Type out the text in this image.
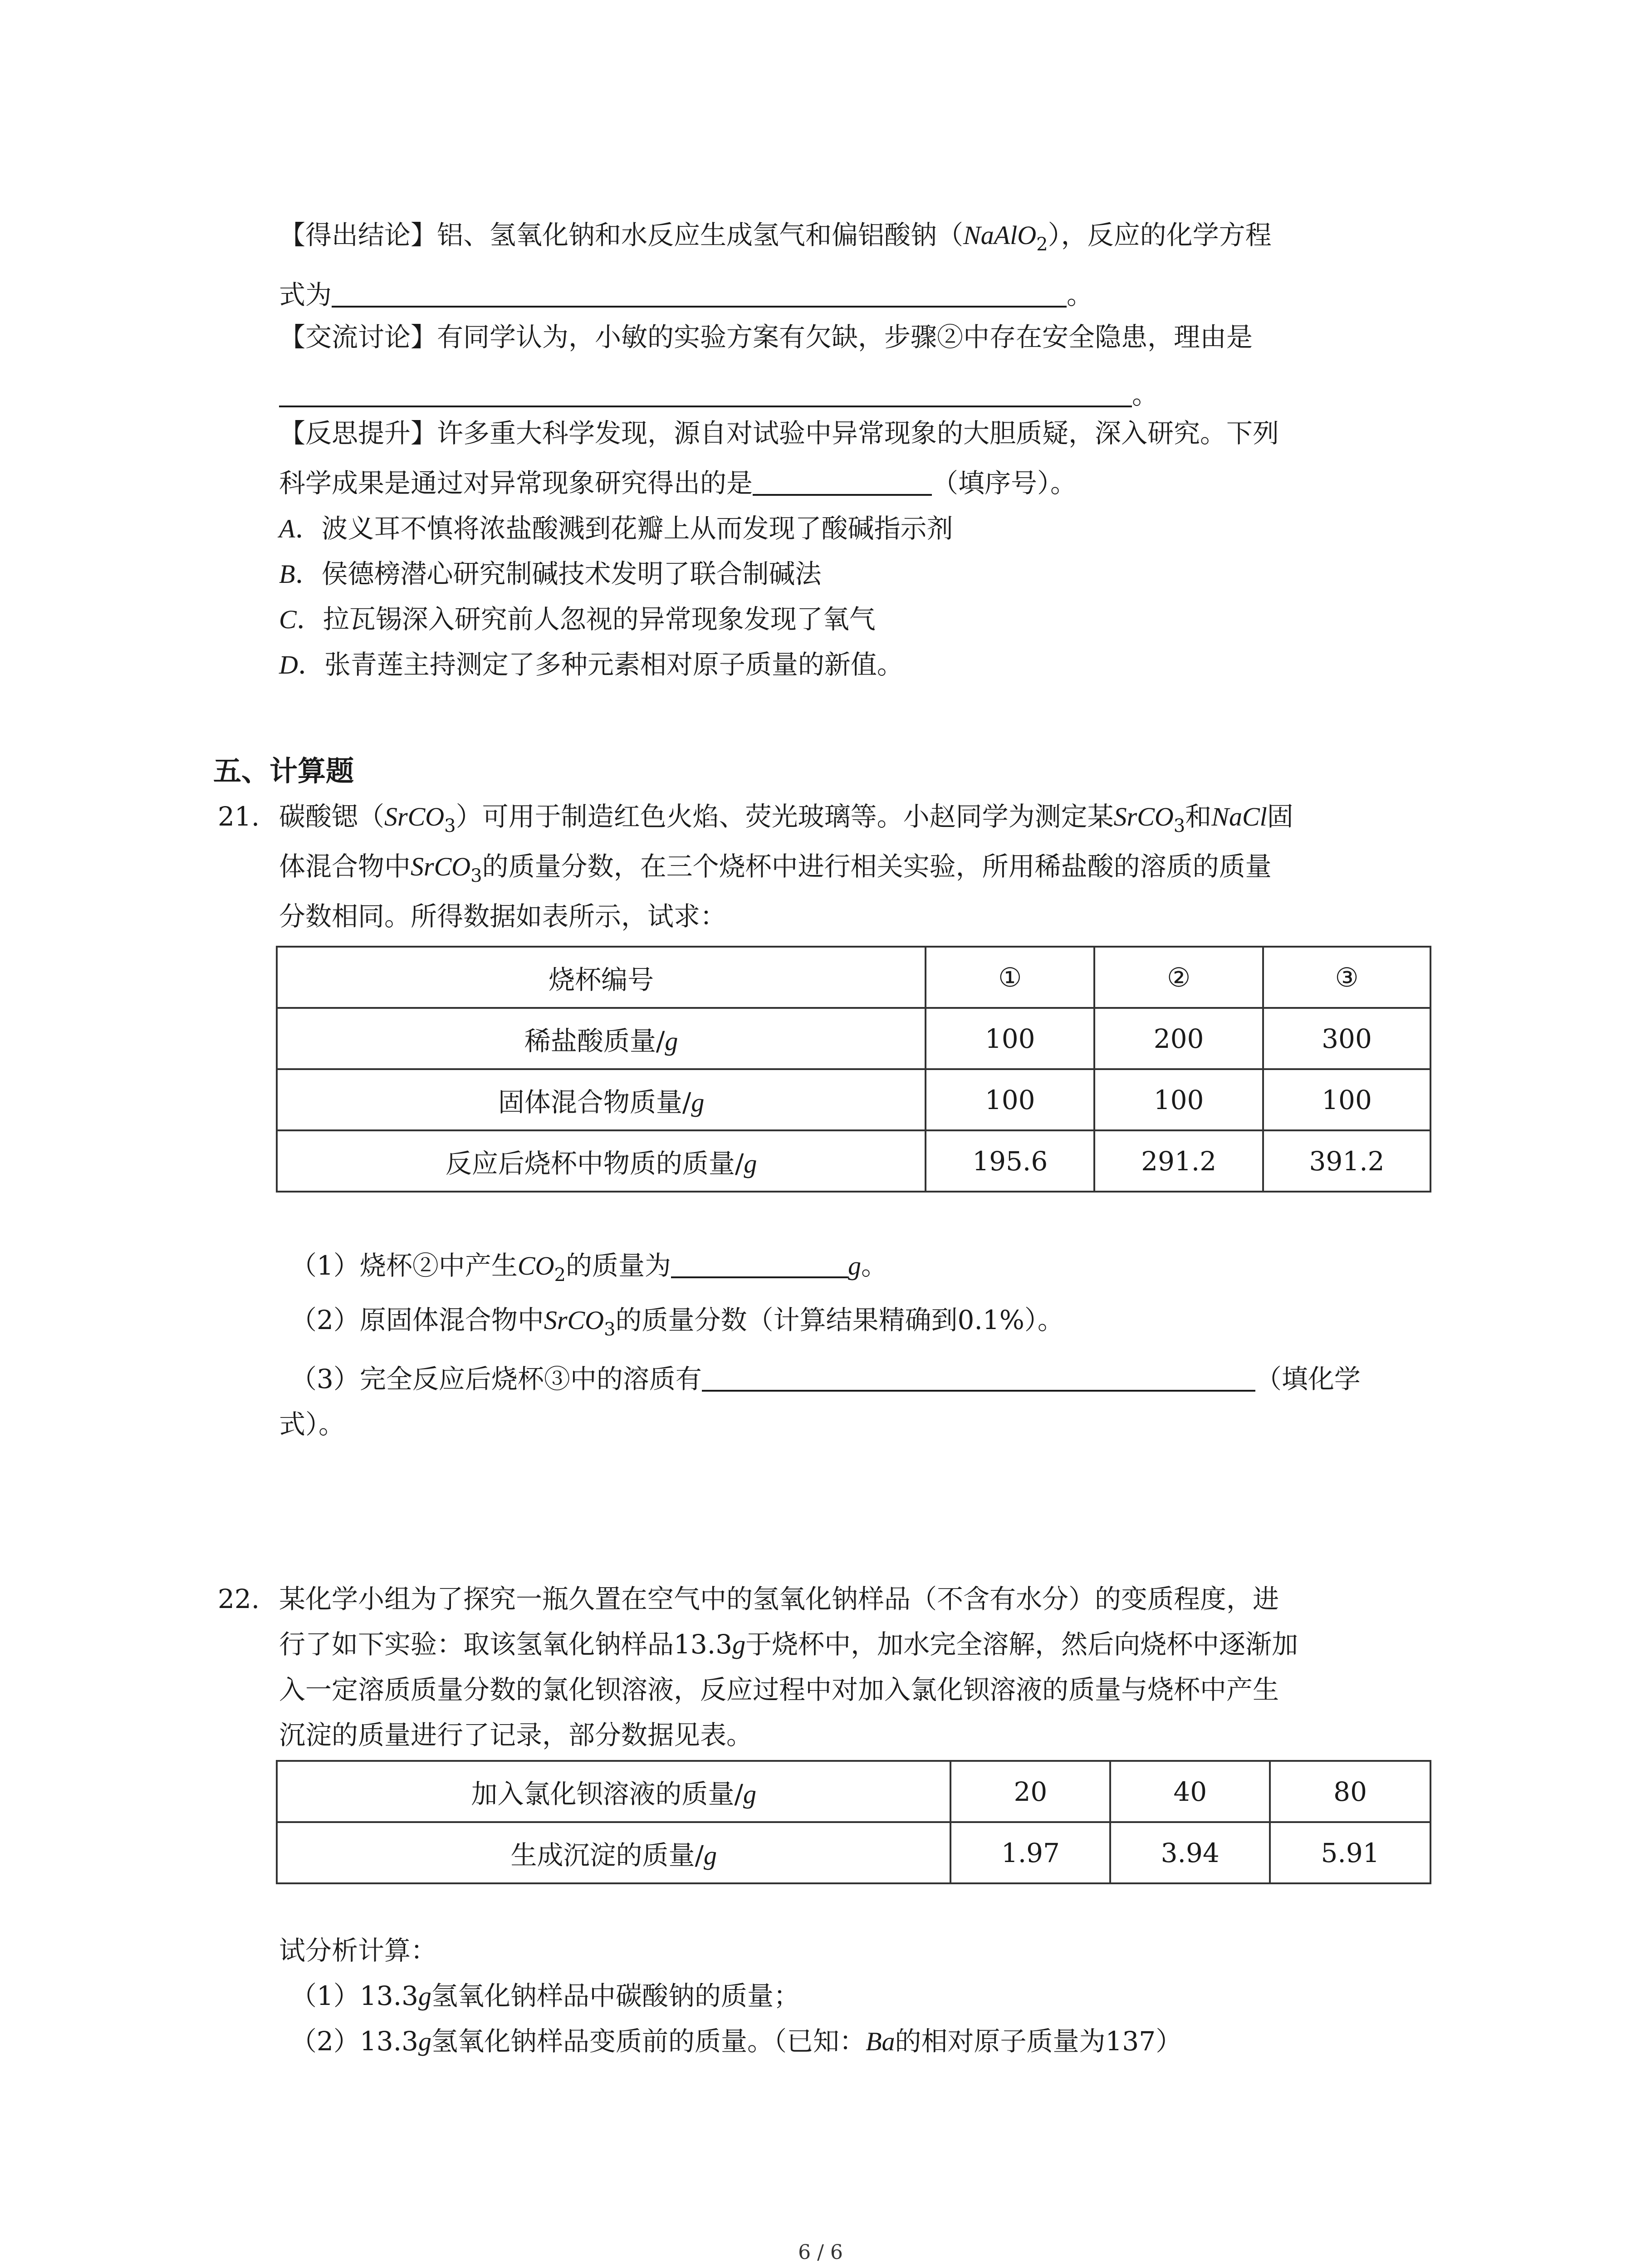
【得出结论】铝、氢氧化钠和水反应生成氢气和偏铝酸钠（NaAlO$_2$），反应的化学方程
式为	。
【交流讨论】有同学认为，小敏的实验方案有欠缺，步骤②中存在安全隐患，理由是
。
【反思提升】许多重大科学发现，源自对试验中异常现象的大胆质疑，深入研究。下列
科学成果是通过对异常现象研究得出的是	（填序号）。
A．波义耳不慎将浓盐酸溅到花瓣上从而发现了酸碱指示剂
B．侯德榜潜心研究制碱技术发明了联合制碱法
C．拉瓦锡深入研究前人忽视的异常现象发现了氧气
D．张青莲主持测定了多种元素相对原子质量的新值。
五、计算题
21. 碳酸锶（SrCO$_3$）可用于制造红色火焰、荧光玻璃等。小赵同学为测定某SrCO$_3$和NaCl固
体混合物中SrCO$_3$的质量分数，在三个烧杯中进行相关实验，所用稀盐酸的溶质的质量
分数相同。所得数据如表所示，试求：
烧杯编号	①	②	③
稀盐酸质量/g	100	200	300
固体混合物质量/g	100	100	100
反应后烧杯中物质的质量/g	195.6	291.2	391.2
（1）烧杯②中产生$CO_2$的质量为	g。
（2）原固体混合物中SrCO$_3$的质量分数（计算结果精确到0.1%）。
（3）完全反应后烧杯③中的溶质有	（填化学
式）。
22. 某化学小组为了探究一瓶久置在空气中的氢氧化钠样品（不含有水分）的变质程度，进
行了如下实验：取该氢氧化钠样品13.3g于烧杯中，加水完全溶解，然后向烧杯中逐渐加
入一定溶质质量分数的氯化钡溶液，反应过程中对加入氯化钡溶液的质量与烧杯中产生
沉淀的质量进行了记录，部分数据见表。
加入氯化钡溶液的质量/g	20	40	80
生成沉淀的质量/g	1.97	3.94	5.91
试分析计算：
（1）13.3g氢氧化钠样品中碳酸钠的质量；
（2）13.3g氢氧化钠样品变质前的质量。（已知：Ba的相对原子质量为137）
6 / 6
